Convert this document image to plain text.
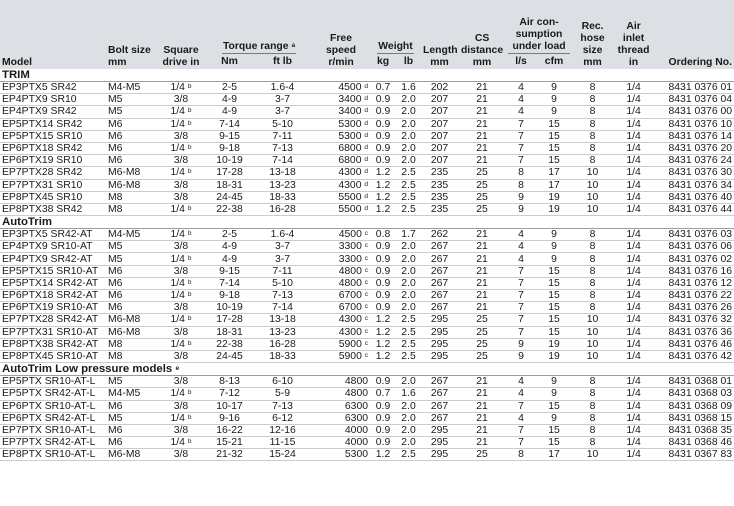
Model	Bolt size mm	Square drive in	Torque range $^a$		Free speed r/min	Weight		Length mm	CS distance mm	Air con-sumption under load		Rec. hose size mm	Air inlet thread in	Ordering No.
			Nm	ft lb		kg	lb			l/s	cfm			
TRIM														
EP3PTX5 SR42	M4-M5	1/4 $^b$	2-5	1.6-4	4500 $^d$	0.7	1.6	202	21	4	9	8	1/4	8431 0376 01
EP4PTX9 SR10	M5	3/8	4-9	3-7	3400 $^d$	0.9	2.0	207	21	4	9	8	1/4	8431 0376 04
EP4PTX9 SR42	M5	1/4 $^b$	4-9	3-7	3400 $^d$	0.9	2.0	207	21	4	9	8	1/4	8431 0376 00
EP5PTX14 SR42	M6	1/4 $^b$	7-14	5-10	5300 $^d$	0.9	2.0	207	21	7	15	8	1/4	8431 0376 10
EP5PTX15 SR10	M6	3/8	9-15	7-11	5300 $^d$	0.9	2.0	207	21	7	15	8	1/4	8431 0376 14
EP6PTX18 SR42	M6	1/4 $^b$	9-18	7-13	6800 $^d$	0.9	2.0	207	21	7	15	8	1/4	8431 0376 20
EP6PTX19 SR10	M6	3/8	10-19	7-14	6800 $^d$	0.9	2.0	207	21	7	15	8	1/4	8431 0376 24
EP7PTX28 SR42	M6-M8	1/4 $^b$	17-28	13-18	4300 $^d$	1.2	2.5	235	25	8	17	10	1/4	8431 0376 30
EP7PTX31 SR10	M6-M8	3/8	18-31	13-23	4300 $^d$	1.2	2.5	235	25	8	17	10	1/4	8431 0376 34
EP8PTX45 SR10	M8	3/8	24-45	18-33	5500 $^d$	1.2	2.5	235	25	9	19	10	1/4	8431 0376 40
EP8PTX38 SR42	M8	1/4 $^b$	22-38	16-28	5500 $^d$	1.2	2.5	235	25	9	19	10	1/4	8431 0376 44
AutoTrim														
EP3PTX5 SR42-AT	M4-M5	1/4 $^b$	2-5	1.6-4	4500 $^c$	0.8	1.7	262	21	4	9	8	1/4	8431 0376 03
EP4PTX9 SR10-AT	M5	3/8	4-9	3-7	3300 $^c$	0.9	2.0	267	21	4	9	8	1/4	8431 0376 06
EP4PTX9 SR42-AT	M5	1/4 $^b$	4-9	3-7	3300 $^c$	0.9	2.0	267	21	4	9	8	1/4	8431 0376 02
EP5PTX15 SR10-AT	M6	3/8	9-15	7-11	4800 $^c$	0.9	2.0	267	21	7	15	8	1/4	8431 0376 16
EP5PTX14 SR42-AT	M6	1/4 $^b$	7-14	5-10	4800 $^c$	0.9	2.0	267	21	7	15	8	1/4	8431 0376 12
EP6PTX18 SR42-AT	M6	1/4 $^b$	9-18	7-13	6700 $^c$	0.9	2.0	267	21	7	15	8	1/4	8431 0376 22
EP6PTX19 SR10-AT	M6	3/8	10-19	7-14	6700 $^c$	0.9	2.0	267	21	7	15	8	1/4	8431 0376 26
EP7PTX28 SR42-AT	M6-M8	1/4 $^b$	17-28	13-18	4300 $^c$	1.2	2.5	295	25	7	15	10	1/4	8431 0376 32
EP7PTX31 SR10-AT	M6-M8	3/8	18-31	13-23	4300 $^c$	1.2	2.5	295	25	7	15	10	1/4	8431 0376 36
EP8PTX38 SR42-AT	M8	1/4 $^b$	22-38	16-28	5900 $^c$	1.2	2.5	295	25	9	19	10	1/4	8431 0376 46
EP8PTX45 SR10-AT	M8	3/8	24-45	18-33	5900 $^c$	1.2	2.5	295	25	9	19	10	1/4	8431 0376 42
AutoTrim Low pressure models $^e$
EP5PTX SR10-AT-L	M5	3/8	8-13	6-10	4800	0.9	2.0	267	21	4	9	8	1/4	8431 0368 01
EP5PTX SR42-AT-L	M4-M5	1/4 $^b$	7-12	5-9	4800	0.7	1.6	267	21	4	9	8	1/4	8431 0368 03
EP6PTX SR10-AT-L	M6	3/8	10-17	7-13	6300	0.9	2.0	267	21	7	15	8	1/4	8431 0368 09
EP6PTX SR42-AT-L	M5	1/4 $^b$	9-16	6-12	6300	0.9	2.0	267	21	4	9	8	1/4	8431 0368 15
EP7PTX SR10-AT-L	M6	3/8	16-22	12-16	4000	0.9	2.0	295	21	7	15	8	1/4	8431 0368 35
EP7PTX SR42-AT-L	M6	1/4 $^b$	15-21	11-15	4000	0.9	2.0	295	21	7	15	8	1/4	8431 0368 46
EP8PTX SR10-AT-L	M6-M8	3/8	21-32	15-24	5300	1.2	2.5	295	25	8	17	10	1/4	8431 0367 83
